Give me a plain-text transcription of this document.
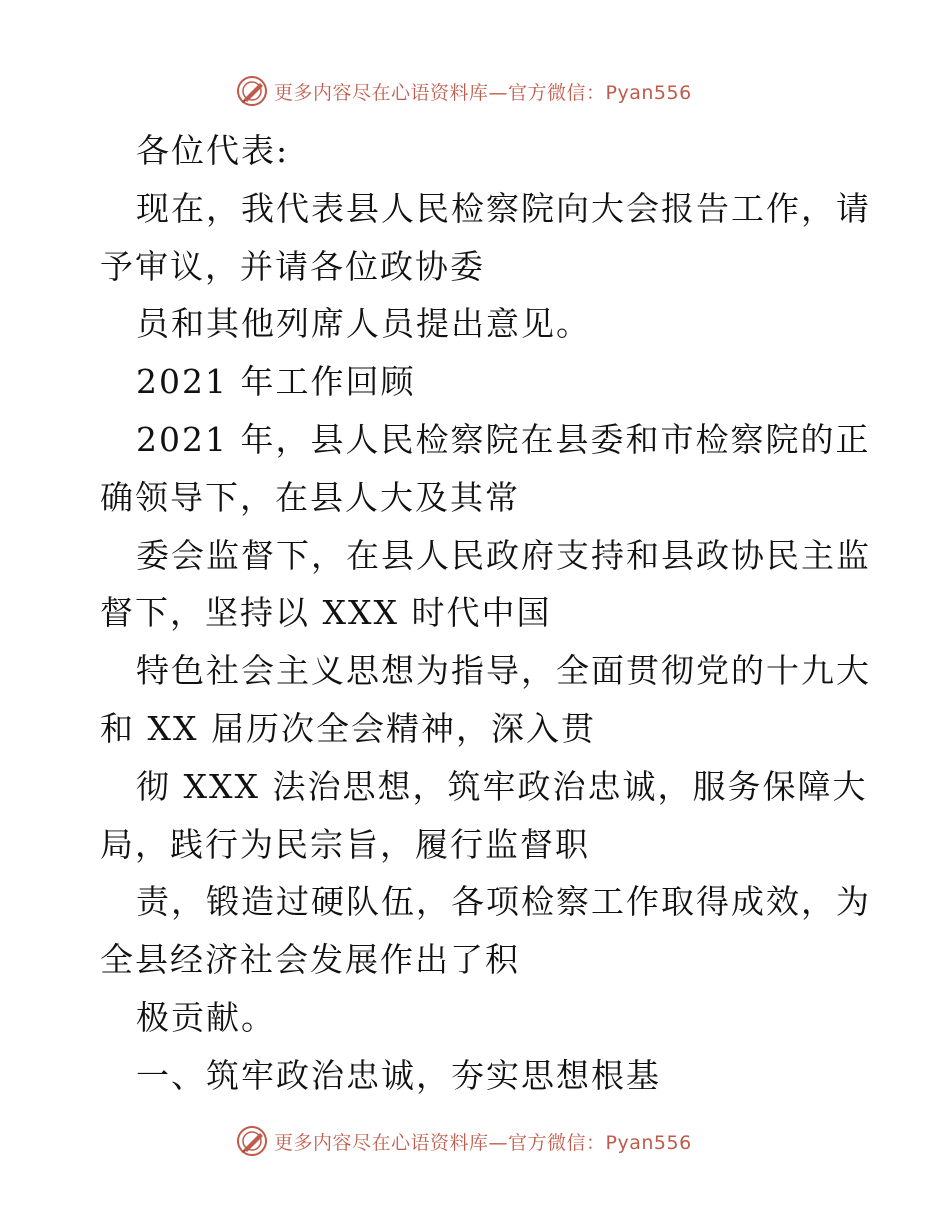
更多内容尽在心语资料库—官方微信：Pyan556
各位代表:
现在，我代表县人民检察院向大会报告工作，请
予审议，并请各位政协委
员和其他列席人员提出意见。
2021 年工作回顾
2021 年，县人民检察院在县委和市检察院的正
确领导下，在县人大及其常
委会监督下，在县人民政府支持和县政协民主监
督下，坚持以 XXX 时代中国
特色社会主义思想为指导，全面贯彻党的十九大
和 XX 届历次全会精神，深入贯
彻 XXX 法治思想，筑牢政治忠诚，服务保障大
局，践行为民宗旨，履行监督职
责，锻造过硬队伍，各项检察工作取得成效，为
全县经济社会发展作出了积
极贡献。
一、筑牢政治忠诚，夯实思想根基
更多内容尽在心语资料库—官方微信：Pyan556
